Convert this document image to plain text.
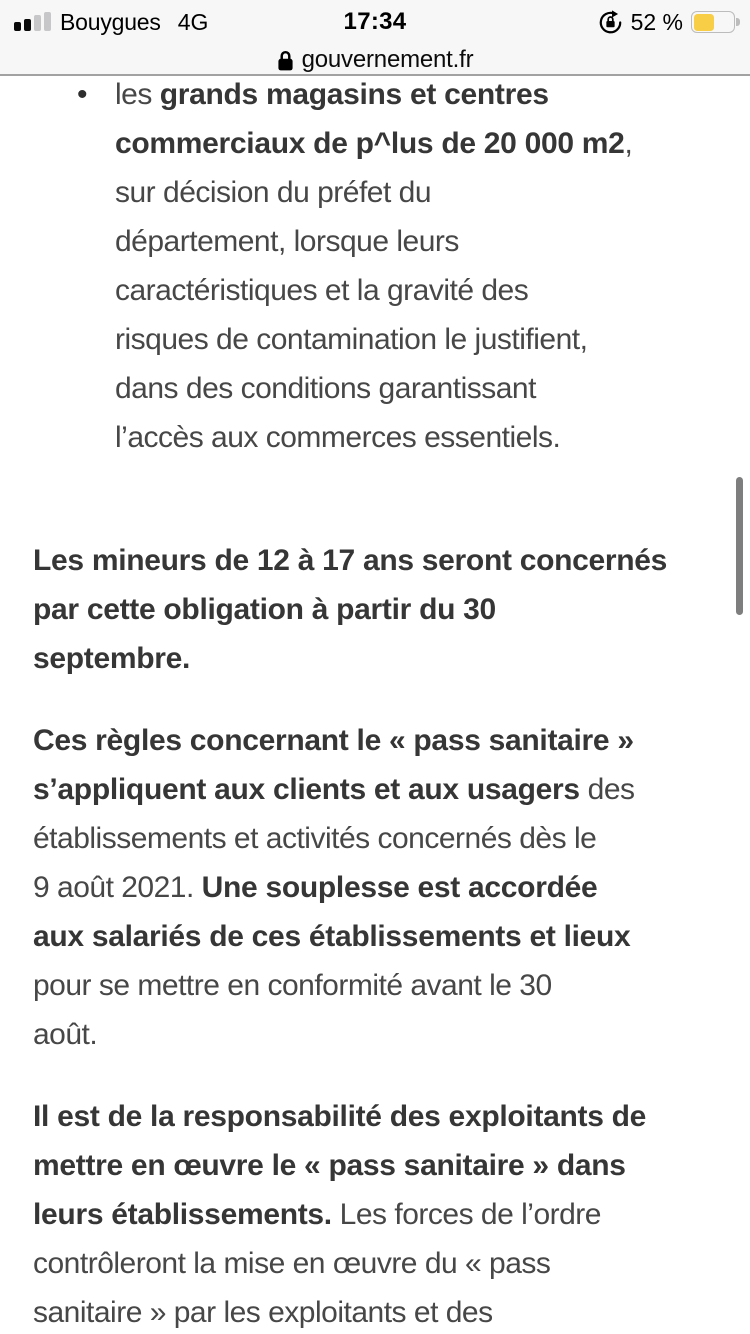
Bouygues 4G	17:34	52 %
gouvernement.fr
• les grands magasins et centres
commerciaux de p^lus de 20 000 m2,
sur décision du préfet du
département, lorsque leurs
caractéristiques et la gravité des
risques de contamination le justifient,
dans des conditions garantissant
l’accès aux commerces essentiels.
Les mineurs de 12 à 17 ans seront concernés
par cette obligation à partir du 30
septembre.
Ces règles concernant le « pass sanitaire »
s’appliquent aux clients et aux usagers des
établissements et activités concernés dès le
9 août 2021. Une souplesse est accordée
aux salariés de ces établissements et lieux
pour se mettre en conformité avant le 30
août.
Il est de la responsabilité des exploitants de
mettre en œuvre le « pass sanitaire » dans
leurs établissements. Les forces de l’ordre
contrôleront la mise en œuvre du « pass
sanitaire » par les exploitants et des
